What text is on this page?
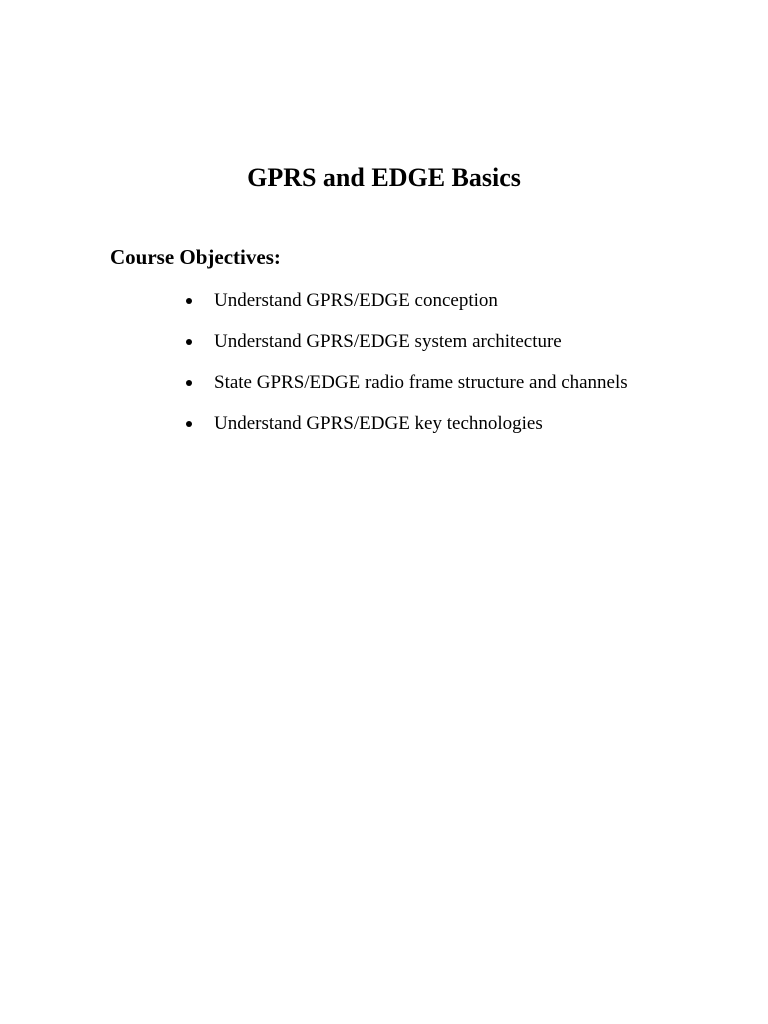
GPRS and EDGE Basics
Course Objectives:
Understand GPRS/EDGE conception
Understand GPRS/EDGE system architecture
State GPRS/EDGE radio frame structure and channels
Understand GPRS/EDGE key technologies
